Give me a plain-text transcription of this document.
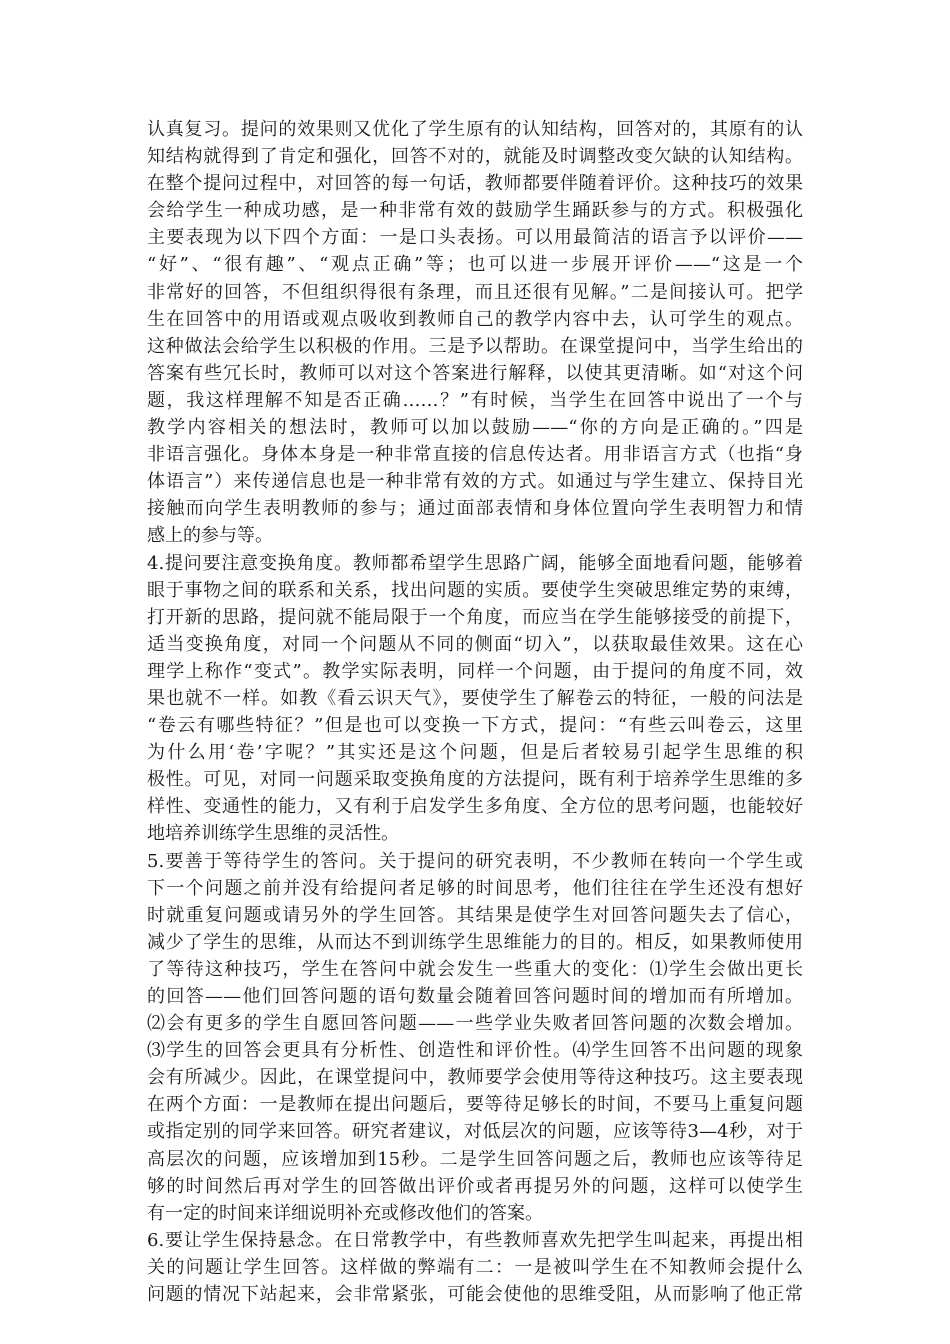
认真复习。提问的效果则又优化了学生原有的认知结构，回答对的，其原有的认
知结构就得到了肯定和强化，回答不对的，就能及时调整改变欠缺的认知结构。
在整个提问过程中，对回答的每一句话，教师都要伴随着评价。这种技巧的效果
会给学生一种成功感，是一种非常有效的鼓励学生踊跃参与的方式。积极强化
主要表现为以下四个方面：一是口头表扬。可以用最简洁的语言予以评价——
“好”、“很有趣”、“观点正确”等；也可以进一步展开评价——“这是一个
非常好的回答，不但组织得很有条理，而且还很有见解。”二是间接认可。把学
生在回答中的用语或观点吸收到教师自己的教学内容中去，认可学生的观点。
这种做法会给学生以积极的作用。三是予以帮助。在课堂提问中，当学生给出的
答案有些冗长时，教师可以对这个答案进行解释，以使其更清晰。如“对这个问
题，我这样理解不知是否正确……？”有时候，当学生在回答中说出了一个与
教学内容相关的想法时，教师可以加以鼓励——“你的方向是正确的。”四是
非语言强化。身体本身是一种非常直接的信息传达者。用非语言方式（也指“身
体语言”）来传递信息也是一种非常有效的方式。如通过与学生建立、保持目光
接触而向学生表明教师的参与；通过面部表情和身体位置向学生表明智力和情
感上的参与等。
4.提问要注意变换角度。教师都希望学生思路广阔，能够全面地看问题，能够着
眼于事物之间的联系和关系，找出问题的实质。要使学生突破思维定势的束缚，
打开新的思路，提问就不能局限于一个角度，而应当在学生能够接受的前提下，
适当变换角度，对同一个问题从不同的侧面“切入”，以获取最佳效果。这在心
理学上称作“变式”。教学实际表明，同样一个问题，由于提问的角度不同，效
果也就不一样。如教《看云识天气》，要使学生了解卷云的特征，一般的问法是
“卷云有哪些特征？”但是也可以变换一下方式，提问：“有些云叫卷云，这里
为什么用‘卷’字呢？”其实还是这个问题，但是后者较易引起学生思维的积
极性。可见，对同一问题采取变换角度的方法提问，既有利于培养学生思维的多
样性、变通性的能力，又有利于启发学生多角度、全方位的思考问题，也能较好
地培养训练学生思维的灵活性。
5.要善于等待学生的答问。关于提问的研究表明，不少教师在转向一个学生或
下一个问题之前并没有给提问者足够的时间思考，他们往往在学生还没有想好
时就重复问题或请另外的学生回答。其结果是使学生对回答问题失去了信心，
减少了学生的思维，从而达不到训练学生思维能力的目的。相反，如果教师使用
了等待这种技巧，学生在答问中就会发生一些重大的变化：⑴学生会做出更长
的回答——他们回答问题的语句数量会随着回答问题时间的增加而有所增加。
⑵会有更多的学生自愿回答问题——一些学业失败者回答问题的次数会增加。
⑶学生的回答会更具有分析性、创造性和评价性。⑷学生回答不出问题的现象
会有所减少。因此，在课堂提问中，教师要学会使用等待这种技巧。这主要表现
在两个方面：一是教师在提出问题后，要等待足够长的时间，不要马上重复问题
或指定别的同学来回答。研究者建议，对低层次的问题，应该等待3—4秒，对于
高层次的问题，应该增加到15秒。二是学生回答问题之后，教师也应该等待足
够的时间然后再对学生的回答做出评价或者再提另外的问题，这样可以使学生
有一定的时间来详细说明补充或修改他们的答案。
6.要让学生保持悬念。在日常教学中，有些教师喜欢先把学生叫起来，再提出相
关的问题让学生回答。这样做的弊端有二：一是被叫学生在不知教师会提什么
问题的情况下站起来，会非常紧张，可能会使他的思维受阻，从而影响了他正常
